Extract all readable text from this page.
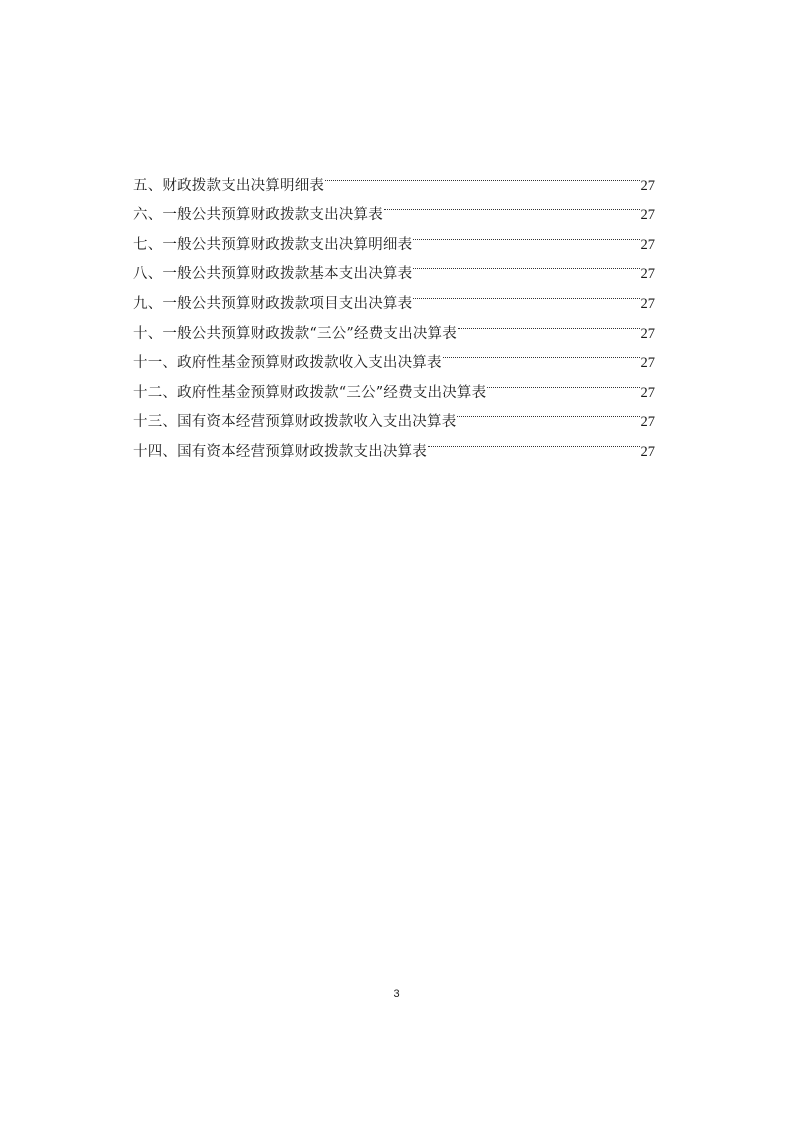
五、财政拨款支出决算明细表	27
六、一般公共预算财政拨款支出决算表	27
七、一般公共预算财政拨款支出决算明细表	27
八、一般公共预算财政拨款基本支出决算表	27
九、一般公共预算财政拨款项目支出决算表	27
十、一般公共预算财政拨款“三公”经费支出决算表	27
十一、政府性基金预算财政拨款收入支出决算表	27
十二、政府性基金预算财政拨款“三公”经费支出决算表	27
十三、国有资本经营预算财政拨款收入支出决算表	27
十四、国有资本经营预算财政拨款支出决算表	27
3
